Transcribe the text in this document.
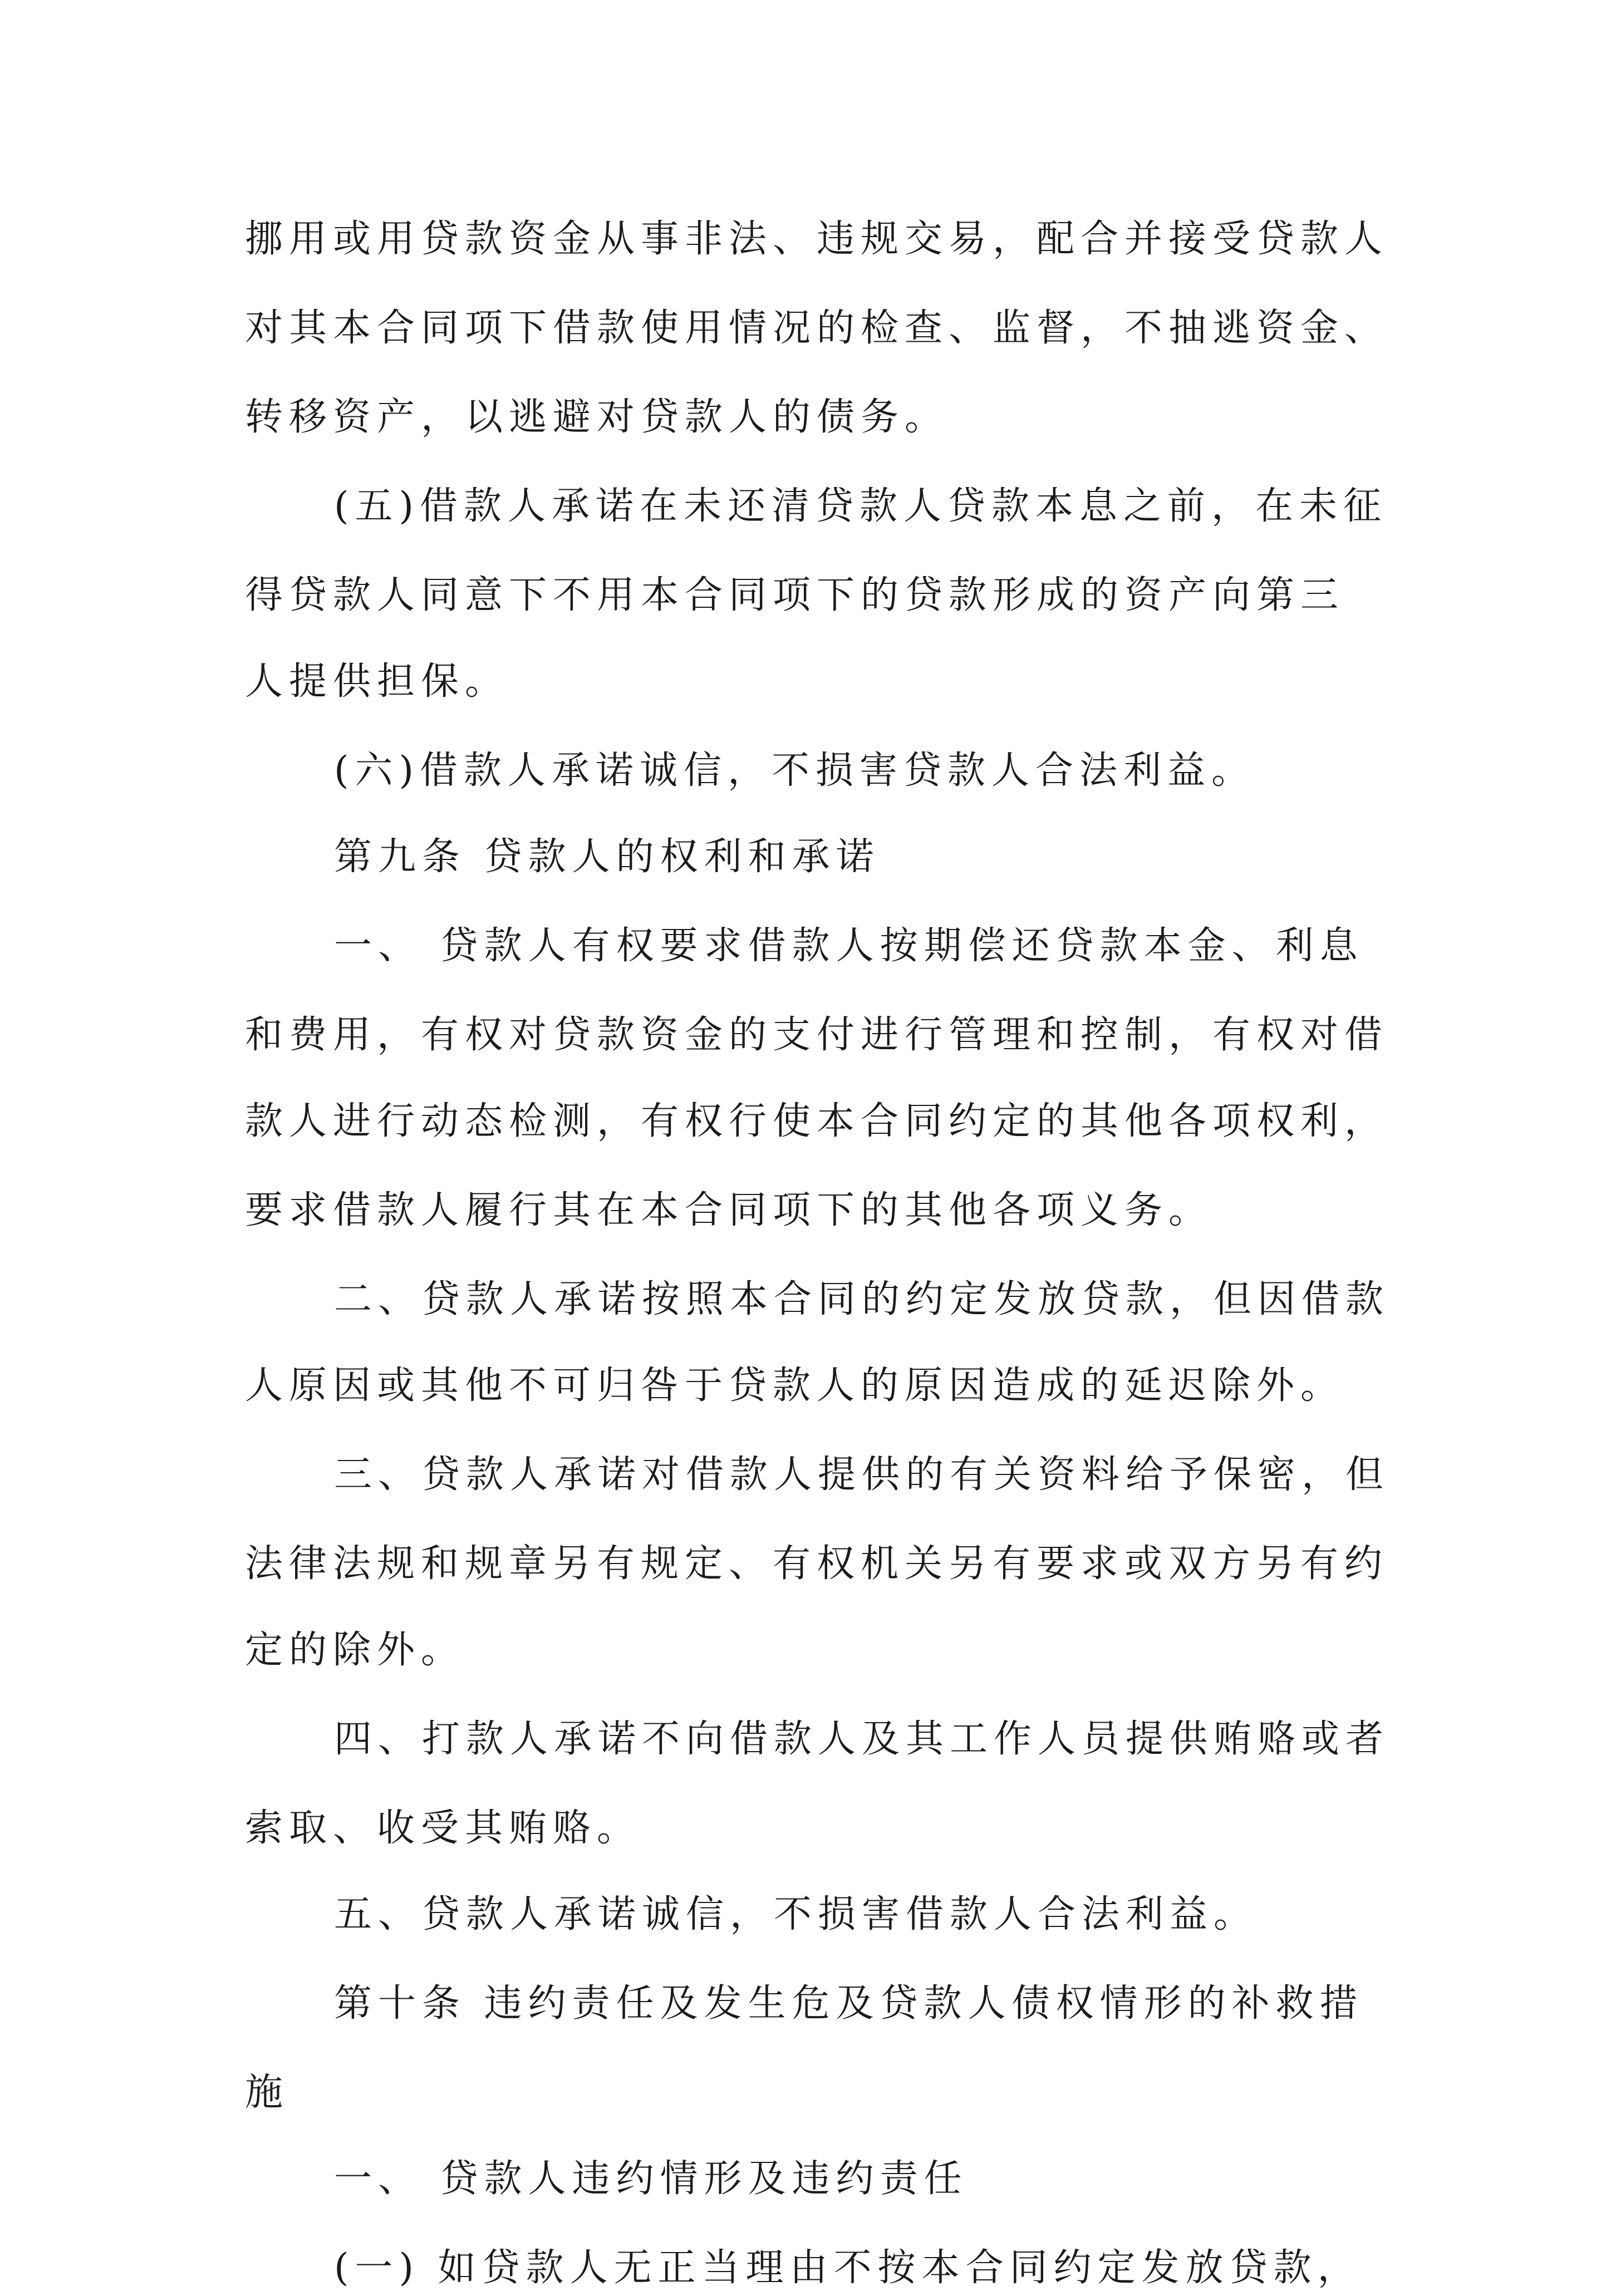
挪用或用贷款资金从事非法、违规交易，配合并接受贷款人

对其本合同项下借款使用情况的检查、监督，不抽逃资金、

转移资产，以逃避对贷款人的债务。

(五)借款人承诺在未还清贷款人贷款本息之前，在未征

得贷款人同意下不用本合同项下的贷款形成的资产向第三

人提供担保。

(六)借款人承诺诚信，不损害贷款人合法利益。

第九条 贷款人的权利和承诺

一、 贷款人有权要求借款人按期偿还贷款本金、利息

和费用，有权对贷款资金的支付进行管理和控制，有权对借

款人进行动态检测，有权行使本合同约定的其他各项权利，

要求借款人履行其在本合同项下的其他各项义务。

二、贷款人承诺按照本合同的约定发放贷款，但因借款

人原因或其他不可归咎于贷款人的原因造成的延迟除外。

三、贷款人承诺对借款人提供的有关资料给予保密，但

法律法规和规章另有规定、有权机关另有要求或双方另有约

定的除外。

四、打款人承诺不向借款人及其工作人员提供贿赂或者

索取、收受其贿赂。

五、贷款人承诺诚信，不损害借款人合法利益。

第十条 违约责任及发生危及贷款人债权情形的补救措

施

一、 贷款人违约情形及违约责任

(一) 如贷款人无正当理由不按本合同约定发放贷款，
